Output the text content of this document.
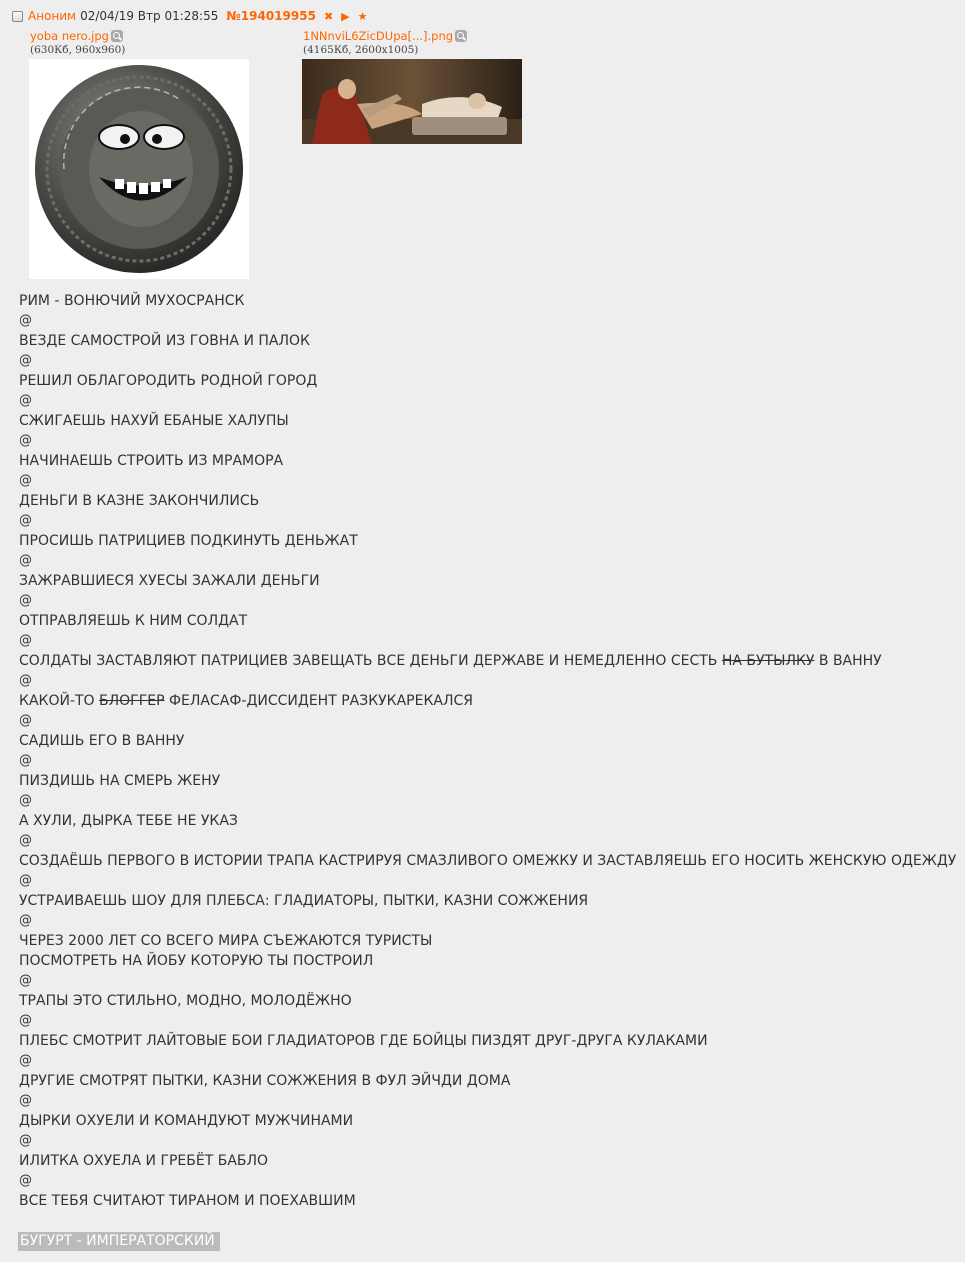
Аноним 02/04/19 Втр 01:28:55 №194019955 ✖ ▶ ★
yoba nero.jpg
(630Кб, 960x960)
1NNnviL6ZicDUpa[...].png
(4165Кб, 2600x1005)
РИМ - ВОНЮЧИЙ МУХОСРАНСК
@
ВЕЗДЕ САМОСТРОЙ ИЗ ГОВНА И ПАЛОК
@
РЕШИЛ ОБЛАГОРОДИТЬ РОДНОЙ ГОРОД
@
СЖИГАЕШЬ НАХУЙ ЕБАНЫЕ ХАЛУПЫ
@
НАЧИНАЕШЬ СТРОИТЬ ИЗ МРАМОРА
@
ДЕНЬГИ В КАЗНЕ ЗАКОНЧИЛИСЬ
@
ПРОСИШЬ ПАТРИЦИЕВ ПОДКИНУТЬ ДЕНЬЖАТ
@
ЗАЖРАВШИЕСЯ ХУЕСЫ ЗАЖАЛИ ДЕНЬГИ
@
ОТПРАВЛЯЕШЬ К НИМ СОЛДАТ
@
СОЛДАТЫ ЗАСТАВЛЯЮТ ПАТРИЦИЕВ ЗАВЕЩАТЬ ВСЕ ДЕНЬГИ ДЕРЖАВЕ И НЕМЕДЛЕННО СЕСТЬ НА БУТЫЛКУ В ВАННУ
@
КАКОЙ-ТО БЛОГГЕР ФЕЛАСАФ-ДИССИДЕНТ РАЗКУКАРЕКАЛСЯ
@
САДИШЬ ЕГО В ВАННУ
@
ПИЗДИШЬ НА СМЕРЬ ЖЕНУ
@
А ХУЛИ, ДЫРКА ТЕБЕ НЕ УКАЗ
@
СОЗДАЁШЬ ПЕРВОГО В ИСТОРИИ ТРАПА КАСТРИРУЯ СМАЗЛИВОГО ОМЕЖКУ И ЗАСТАВЛЯЕШЬ ЕГО НОСИТЬ ЖЕНСКУЮ ОДЕЖДУ
@
УСТРАИВАЕШЬ ШОУ ДЛЯ ПЛЕБСА: ГЛАДИАТОРЫ, ПЫТКИ, КАЗНИ СОЖЖЕНИЯ
@
ЧЕРЕЗ 2000 ЛЕТ СО ВСЕГО МИРА СЪЕЖАЮТСЯ ТУРИСТЫ
ПОСМОТРЕТЬ НА ЙОБУ КОТОРУЮ ТЫ ПОСТРОИЛ
@
ТРАПЫ ЭТО СТИЛЬНО, МОДНО, МОЛОДЁЖНО
@
ПЛЕБС СМОТРИТ ЛАЙТОВЫЕ БОИ ГЛАДИАТОРОВ ГДЕ БОЙЦЫ ПИЗДЯТ ДРУГ-ДРУГА КУЛАКАМИ
@
ДРУГИЕ СМОТРЯТ ПЫТКИ, КАЗНИ СОЖЖЕНИЯ В ФУЛ ЭЙЧДИ ДОМА
@
ДЫРКИ ОХУЕЛИ И КОМАНДУЮТ МУЖЧИНАМИ
@
ИЛИТКА ОХУЕЛА И ГРЕБЁТ БАБЛО
@
ВСЕ ТЕБЯ СЧИТАЮТ ТИРАНОМ И ПОЕХАВШИМ
БУГУРТ - ИМПЕРАТОРСКИЙ
